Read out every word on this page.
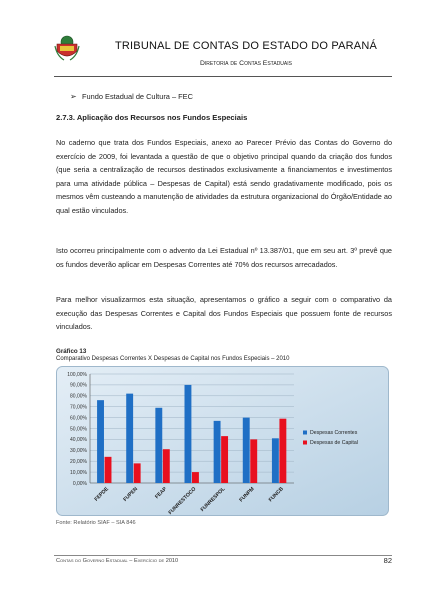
TRIBUNAL DE CONTAS DO ESTADO DO PARANÁ
Diretoria de Contas Estaduais
➢ Fundo Estadual de Cultura – FEC
2.7.3. Aplicação dos Recursos nos Fundos Especiais
No caderno que trata dos Fundos Especiais, anexo ao Parecer Prévio das Contas do Governo do exercício de 2009, foi levantada a questão de que o objetivo principal quando da criação dos fundos (que seria a centralização de recursos destinados exclusivamente a financiamentos e investimentos para uma atividade pública – Despesas de Capital) está sendo gradativamente modificado, pois os mesmos vêm custeando a manutenção de atividades da estrutura organizacional do Órgão/Entidade ao qual estão vinculados.
Isto ocorreu principalmente com o advento da Lei Estadual nº 13.387/01, que em seu art. 3º prevê que os fundos deverão aplicar em Despesas Correntes até 70% dos recursos arrecadados.
Para melhor visualizarmos esta situação, apresentamos o gráfico a seguir com o comparativo da execução das Despesas Correntes e Capital dos Fundos Especiais que possuem fonte de recursos vinculados.
Gráfico 13
Comparativo Despesas Correntes X Despesas de Capital nos Fundos Especiais – 2010
0,00%
10,00%
20,00%
30,00%
40,00%
50,00%
60,00%
70,00%
80,00%
90,00%
100,00%
FEPDE FUPEN	FEAP FUNRESTOCO FUNRESPOL FUNPM FUNCB
Despesas Correntes
Despesas de Capital
Fonte: Relatório SIAF – SIA 846
Contas do Governo Estadual – Exercício de 2010	82
